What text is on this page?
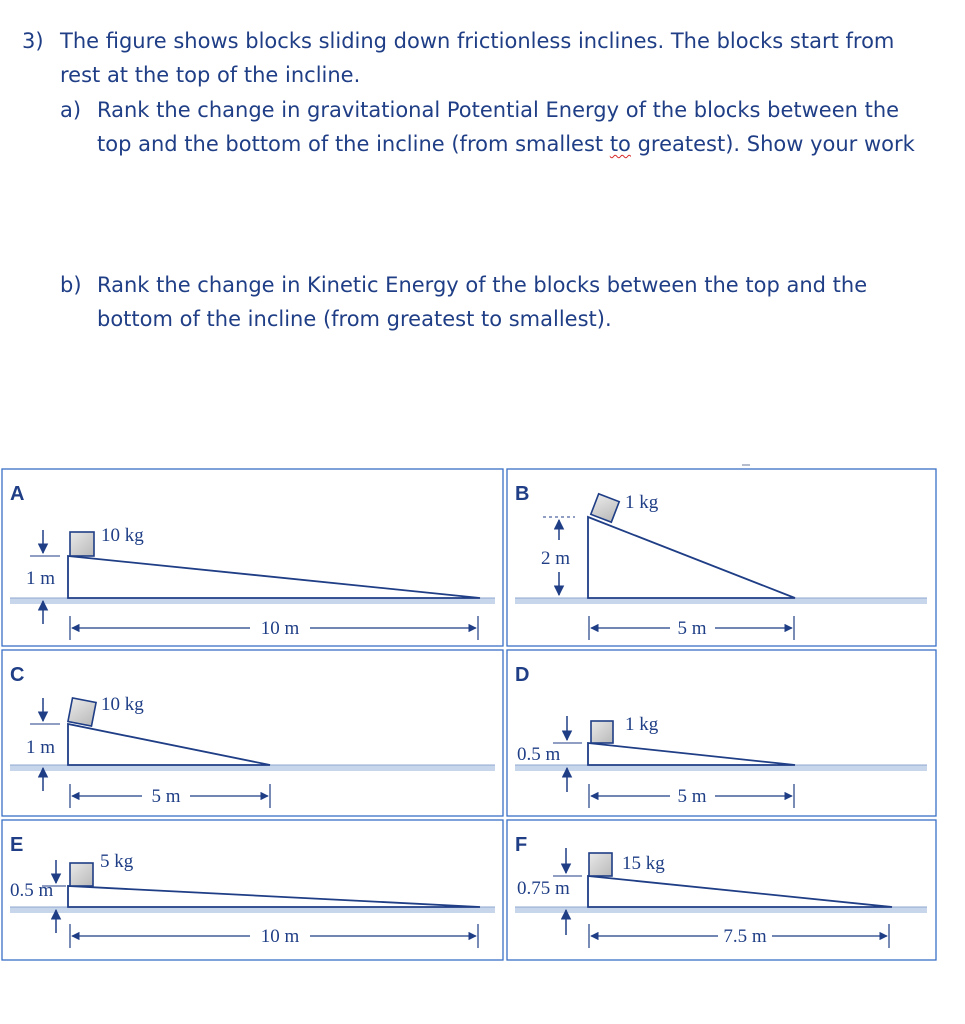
3) The figure shows blocks sliding down frictionless inclines. The blocks start from
rest at the top of the incline.
a) Rank the change in gravitational Potential Energy of the blocks between the
top and the bottom of the incline (from smallest to greatest). Show your work
b) Rank the change in Kinetic Energy of the blocks between the top and the
bottom of the incline (from greatest to smallest).
A
10 kg
1 m
10 m
B	1 kg
2 m
5 m
C
10 kg
1 m
5 m
D
1 kg
0.5 m
5 m
E
5 kg
0.5 m
10 m
F
15 kg
0.75 m
7.5 m
